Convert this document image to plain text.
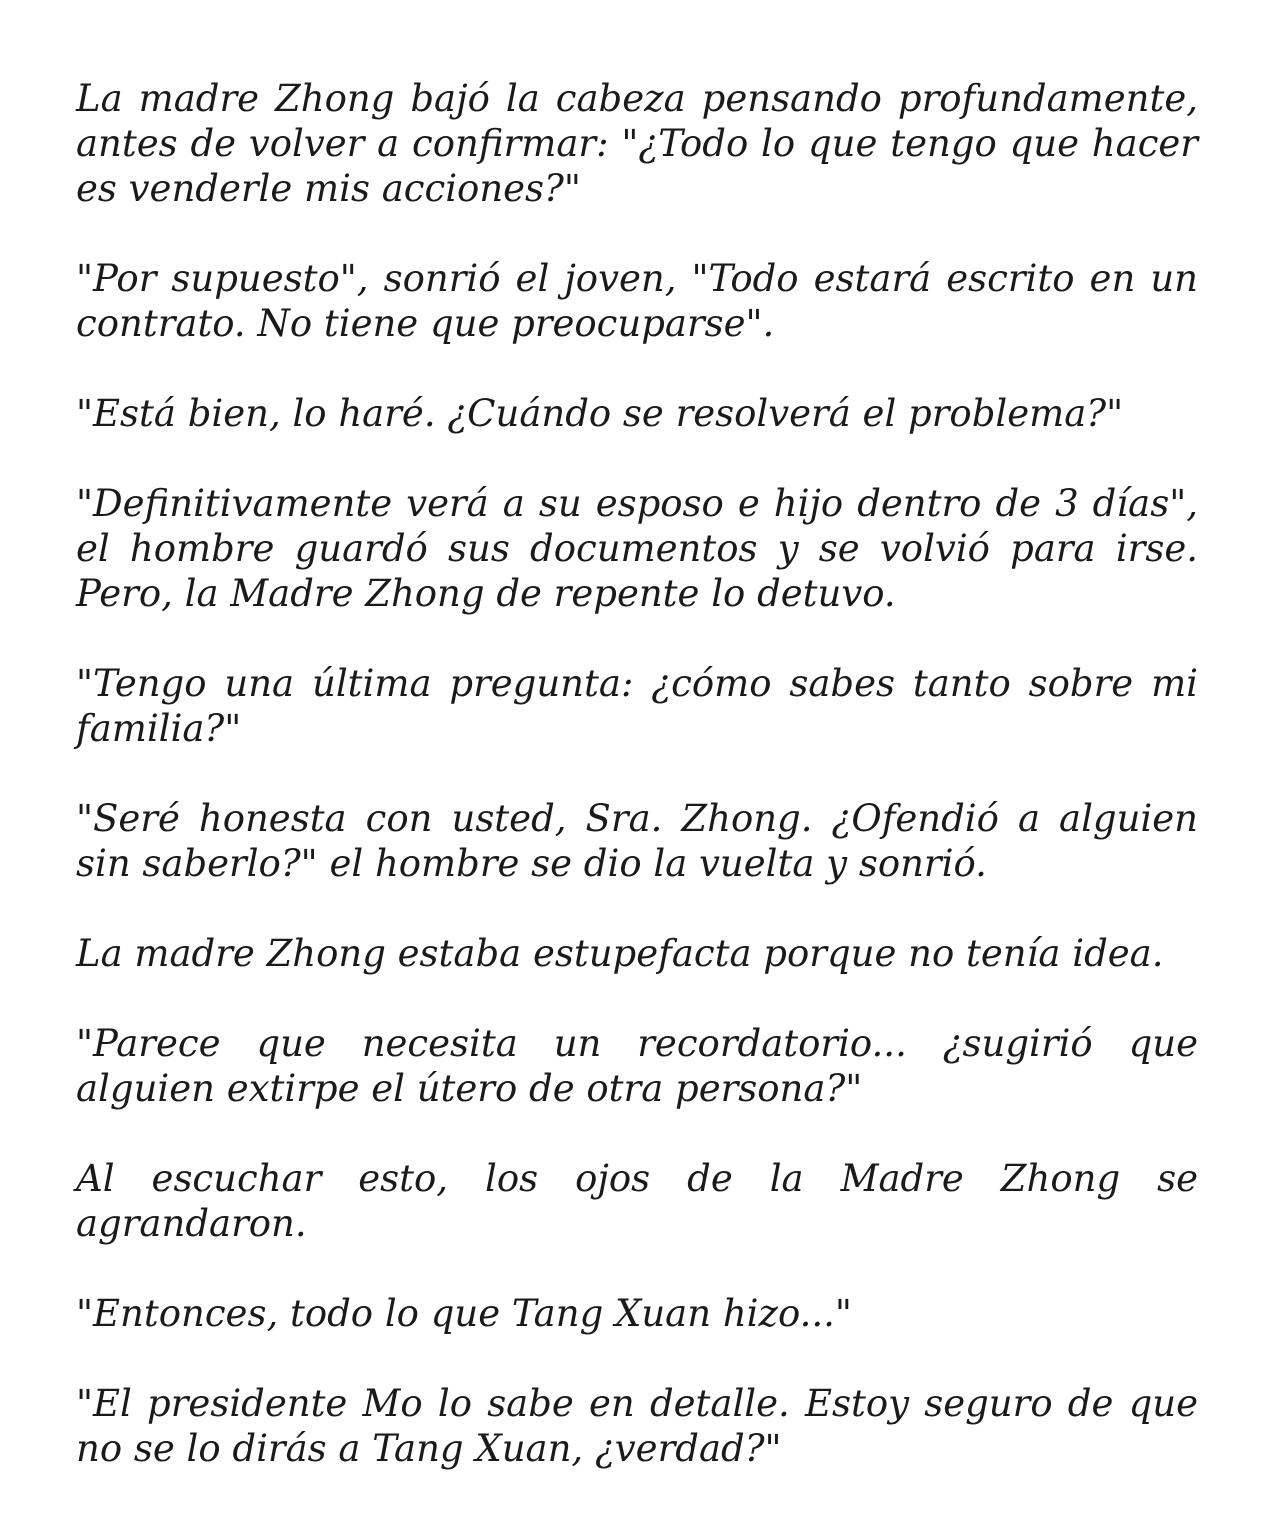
La madre Zhong bajó la cabeza pensando profundamente, antes de volver a confirmar: "¿Todo lo que tengo que hacer es venderle mis acciones?"

"Por supuesto", sonrió el joven, "Todo estará escrito en un contrato. No tiene que preocuparse".

"Está bien, lo haré. ¿Cuándo se resolverá el problema?"

"Definitivamente verá a su esposo e hijo dentro de 3 días", el hombre guardó sus documentos y se volvió para irse. Pero, la Madre Zhong de repente lo detuvo.

"Tengo una última pregunta: ¿cómo sabes tanto sobre mi familia?"

"Seré honesta con usted, Sra. Zhong. ¿Ofendió a alguien sin saberlo?" el hombre se dio la vuelta y sonrió.

La madre Zhong estaba estupefacta porque no tenía idea.

"Parece que necesita un recordatorio... ¿sugirió que alguien extirpe el útero de otra persona?"

Al escuchar esto, los ojos de la Madre Zhong se agrandaron.

"Entonces, todo lo que Tang Xuan hizo..."

"El presidente Mo lo sabe en detalle. Estoy seguro de que no se lo dirás a Tang Xuan, ¿verdad?"
